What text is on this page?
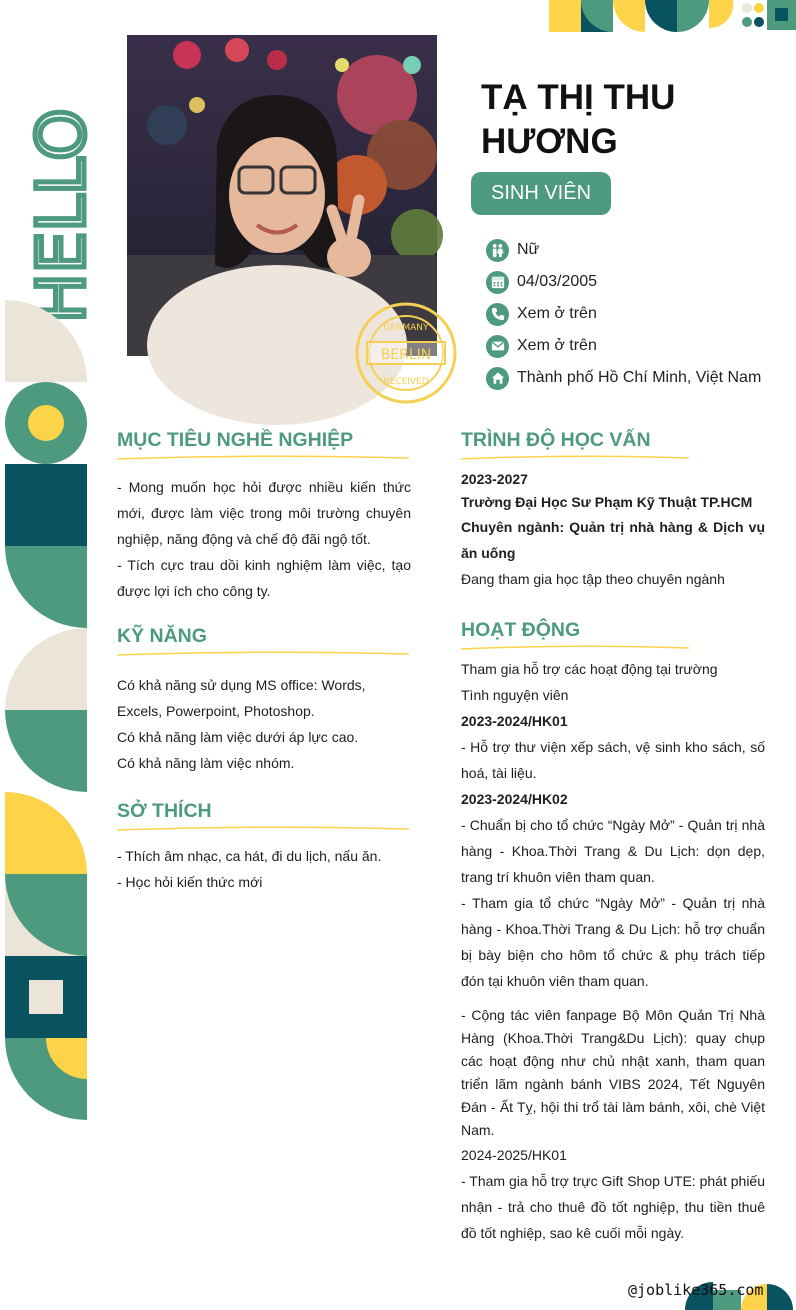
HELLO
BERLIN
GERMANY
RECEIVED
TẠ THỊ THU HƯƠNG
SINH VIÊN
Nữ
04/03/2005
Xem ở trên
Xem ở trên
Thành phố Hồ Chí Minh, Việt Nam
MỤC TIÊU NGHỀ NGHIỆP

- Mong muốn học hỏi được nhiều kiến thức mới, được làm việc trong môi trường chuyên nghiệp, năng động và chế độ đãi ngộ tốt.

- Tích cực trau dồi kinh nghiệm làm việc, tạo được lợi ích cho công ty.

KỸ NĂNG

Có khả năng sử dụng MS office: Words, Excels, Powerpoint, Photoshop.

Có khả năng làm việc dưới áp lực cao.

Có khả năng làm việc nhóm.

SỞ THÍCH

- Thích âm nhạc, ca hát, đi du lịch, nấu ăn.

- Học hỏi kiến thức mới

TRÌNH ĐỘ HỌC VẤN

2023-2027

Trường Đại Học Sư Phạm Kỹ Thuật TP.HCM

Chuyên ngành: Quản trị nhà hàng & Dịch vụ ăn uống

Đang tham gia học tập theo chuyên ngành

HOẠT ĐỘNG

Tham gia hỗ trợ các hoạt động tại trường

Tình nguyện viên

2023-2024/HK01

- Hỗ trợ thư viện xếp sách, vệ sinh kho sách, số hoá, tài liệu.

2023-2024/HK02

- Chuẩn bị cho tổ chức “Ngày Mở” - Quản trị nhà hàng - Khoa.Thời Trang & Du Lịch: dọn dẹp, trang trí khuôn viên tham quan.

- Tham gia tổ chức “Ngày Mở” - Quản trị nhà hàng - Khoa.Thời Trang & Du Lịch: hỗ trợ chuẩn bị bày biện cho hôm tổ chức & phụ trách tiếp đón tại khuôn viên tham quan.

- Cộng tác viên fanpage Bộ Môn Quản Trị Nhà Hàng (Khoa.Thời Trang&Du Lịch): quay chụp các hoạt động như chủ nhật xanh, tham quan triển lãm ngành bánh VIBS 2024, Tết Nguyên Đán - Ất Tỵ, hội thi trổ tài làm bánh, xôi, chè Việt Nam.

2024-2025/HK01

- Tham gia hỗ trợ trực Gift Shop UTE: phát phiếu nhận - trả cho thuê đồ tốt nghiệp, thu tiền thuê đồ tốt nghiệp, sao kê cuối mỗi ngày.

@joblike365.com
